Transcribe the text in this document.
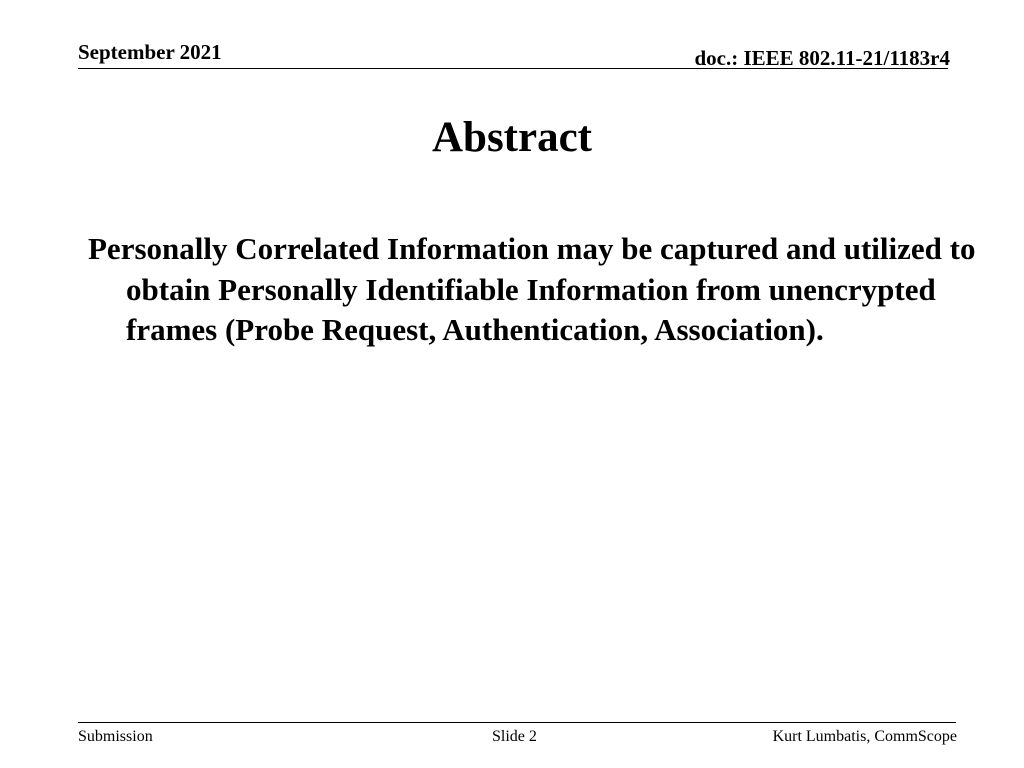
September 2021	doc.: IEEE 802.11-21/1183r4
Abstract
Personally Correlated Information may be captured and utilized to obtain Personally Identifiable Information from unencrypted frames (Probe Request, Authentication, Association).
Submission	Slide 2	Kurt Lumbatis, CommScope
